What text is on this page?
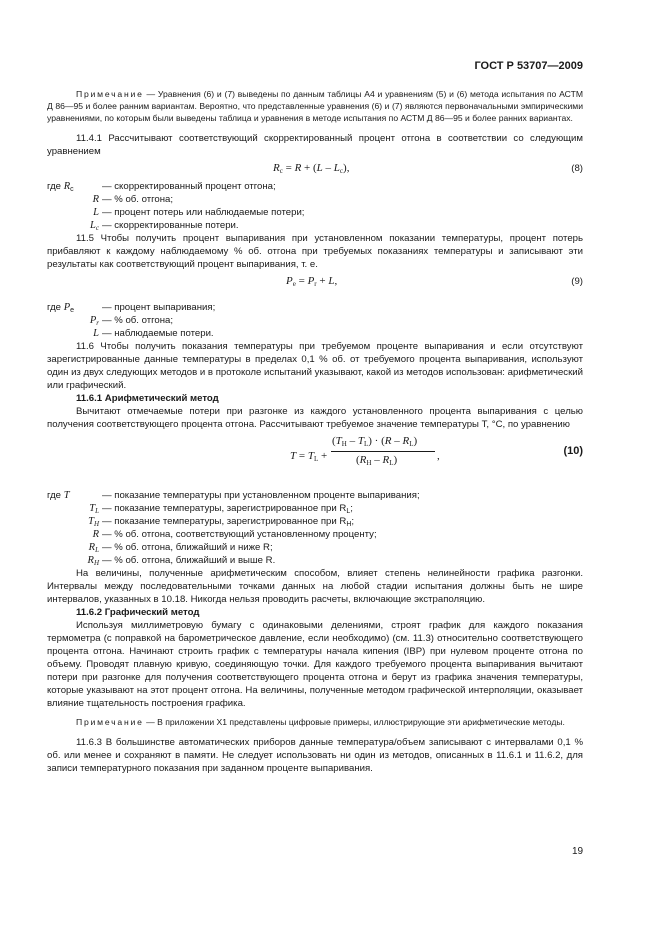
ГОСТ Р 53707—2009

Примечание — Уравнения (6) и (7) выведены по данным таблицы А4 и уравнениям (5) и (6) метода испытания по АСТМ Д 86—95 и более ранним вариантам. Вероятно, что представленные уравнения (6) и (7) являются первоначальными эмпирическими уравнениями, по которым были выведены таблица и уравнения в методе испытания по АСТМ Д 86—95 и более ранних вариантах.

11.4.1 Рассчитывают соответствующий скорректированный процент отгона в соответствии со следующим уравнением

$R_c = R + (L - L_c)$,	(8)
где $R_c$	— скорректированный процент отгона;
R — % об. отгона;
L — процент потерь или наблюдаемые потери;
$L_c$ — скорректированные потери.

11.5 Чтобы получить процент выпаривания при установленном показании температуры, процент потерь прибавляют к каждому наблюдаемому % об. отгона при требуемых показаниях температуры и записывают эти результаты как соответствующий процент выпаривания, т. е.

$P_e = P_r + L$,	(9)
где $P_e$	— процент выпаривания;
$P_r$ — % об. отгона;
L — наблюдаемые потери.

11.6 Чтобы получить показания температуры при требуемом проценте выпаривания и если отсутствуют зарегистрированные данные температуры в пределах 0,1 % об. от требуемого процента выпаривания, используют один из двух следующих методов и в протоколе испытаний указывают, какой из методов использован: арифметический или графический.

11.6.1 Арифметический метод

Вычитают отмечаемые потери при разгонке из каждого установленного процента выпаривания с целью получения соответствующего процента отгона. Рассчитывают требуемое значение температуры T, °С, по уравнению

$T = T_L$ +
$(T_H - T_L) \cdot (R - R_L)$
$(R_H - R_L)$	,	(10)
где T	— показание температуры при установленном проценте выпаривания;
$T_L$ — показание температуры, зарегистрированное при $R_L$;
$T_H$ — показание температуры, зарегистрированное при $R_H$;
R — % об. отгона, соответствующий установленному проценту;
$R_L$ — % об. отгона, ближайший и ниже R;
$R_H$ — % об. отгона, ближайший и выше R.

На величины, полученные арифметическим способом, влияет степень нелинейности графика разгонки. Интервалы между последовательными точками данных на любой стадии испытания должны быть не шире интервалов, указанных в 10.18. Никогда нельзя проводить расчеты, включающие экстраполяцию.

11.6.2 Графический метод

Используя миллиметровую бумагу с одинаковыми делениями, строят график для каждого показания термометра (с поправкой на барометрическое давление, если необходимо) (см. 11.3) относительно соответствующего процента отгона. Начинают строить график с температуры начала кипения (IBP) при нулевом проценте отгона по объему. Проводят плавную кривую, соединяющую точки. Для каждого требуемого процента выпаривания вычитают потери при разгонке для получения соответствующего процента отгона и берут из графика значения температуры, которые указывают на этот процент отгона. На величины, полученные методом графической интерполяции, оказывает влияние тщательность построения графика.

Примечание — В приложении Х1 представлены цифровые примеры, иллюстрирующие эти арифметические методы.

11.6.3 В большинстве автоматических приборов данные температура/объем записывают с интервалами 0,1 % об. или менее и сохраняют в памяти. Не следует использовать ни один из методов, описанных в 11.6.1 и 11.6.2, для записи температурного показания при заданном проценте выпаривания.

19
